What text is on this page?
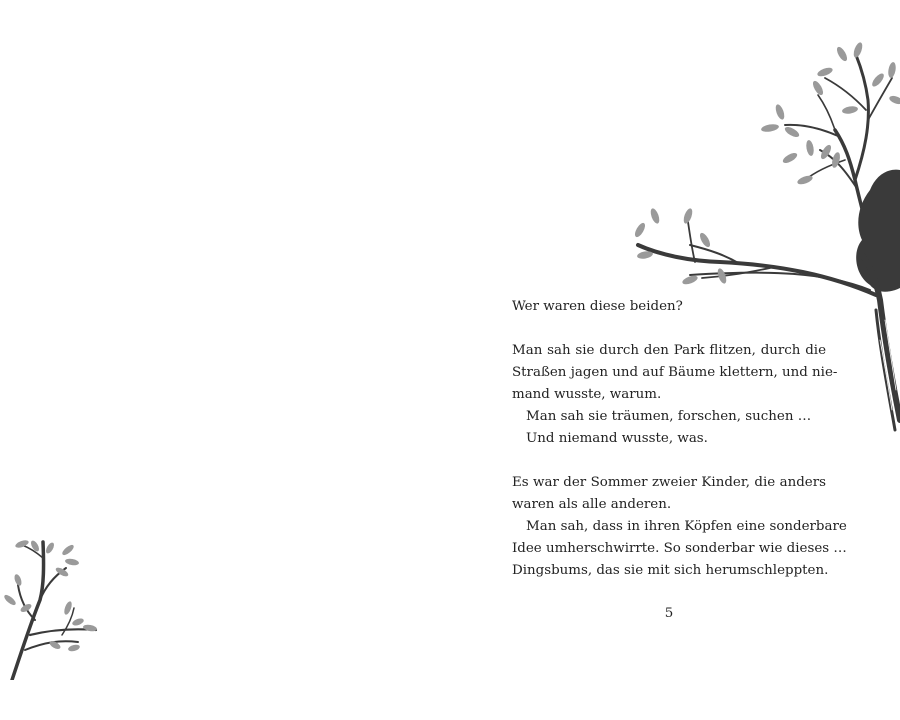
Wer waren diese beiden?
Man sah sie durch den Park flitzen, durch die
Straßen jagen und auf Bäume klettern, und nie-
mand wusste, warum.
Man sah sie träumen, forschen, suchen …
Und niemand wusste, was.
Es war der Sommer zweier Kinder, die anders
waren als alle anderen.
Man sah, dass in ihren Köpfen eine sonderbare
Idee umherschwirrte. So sonderbar wie dieses …
Dingsbums, das sie mit sich herumschleppten.
5
